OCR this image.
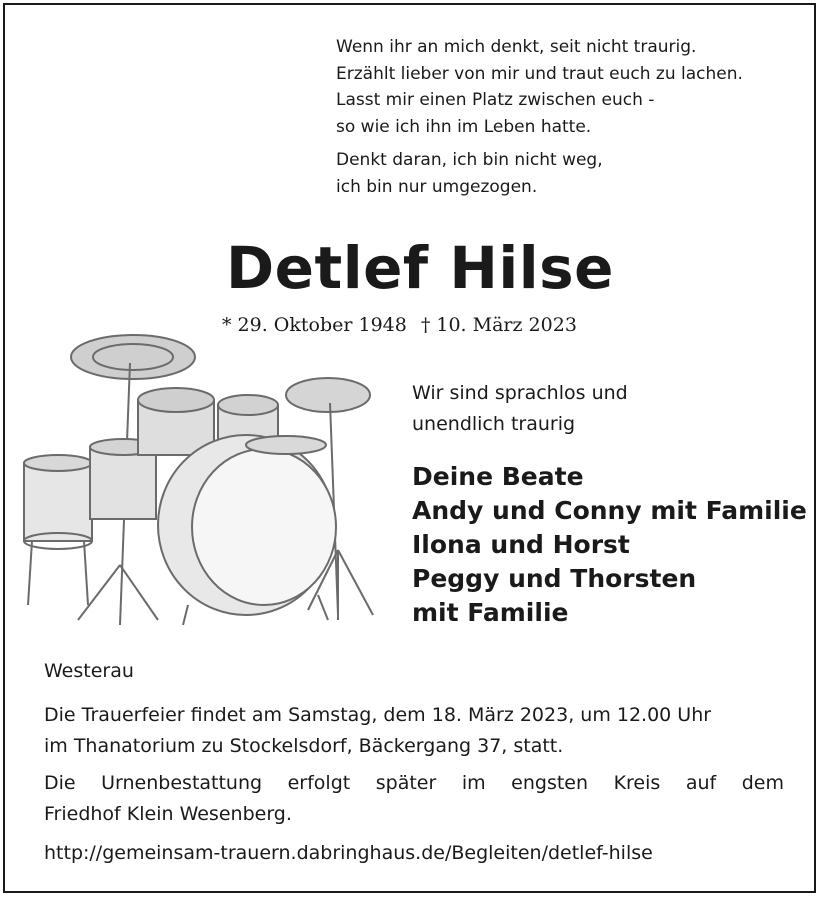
Wenn ihr an mich denkt, seit nicht traurig.
Erzählt lieber von mir und traut euch zu lachen.
Lasst mir einen Platz zwischen euch -
so wie ich ihn im Leben hatte.
Denkt daran, ich bin nicht weg,
ich bin nur umgezogen.
Detlef Hilse
* 29. Oktober 1948 † 10. März 2023
Wir sind sprachlos und
unendlich traurig
Deine Beate
Andy und Conny mit Familie
Ilona und Horst
Peggy und Thorsten
mit Familie
Westerau
Die Trauerfeier findet am Samstag, dem 18. März 2023, um 12.00 Uhr
im Thanatorium zu Stockelsdorf, Bäckergang 37, statt.
Die Urnenbestattung erfolgt später im engsten Kreis auf dem
Friedhof Klein Wesenberg.
http://gemeinsam-trauern.dabringhaus.de/Begleiten/detlef-hilse
